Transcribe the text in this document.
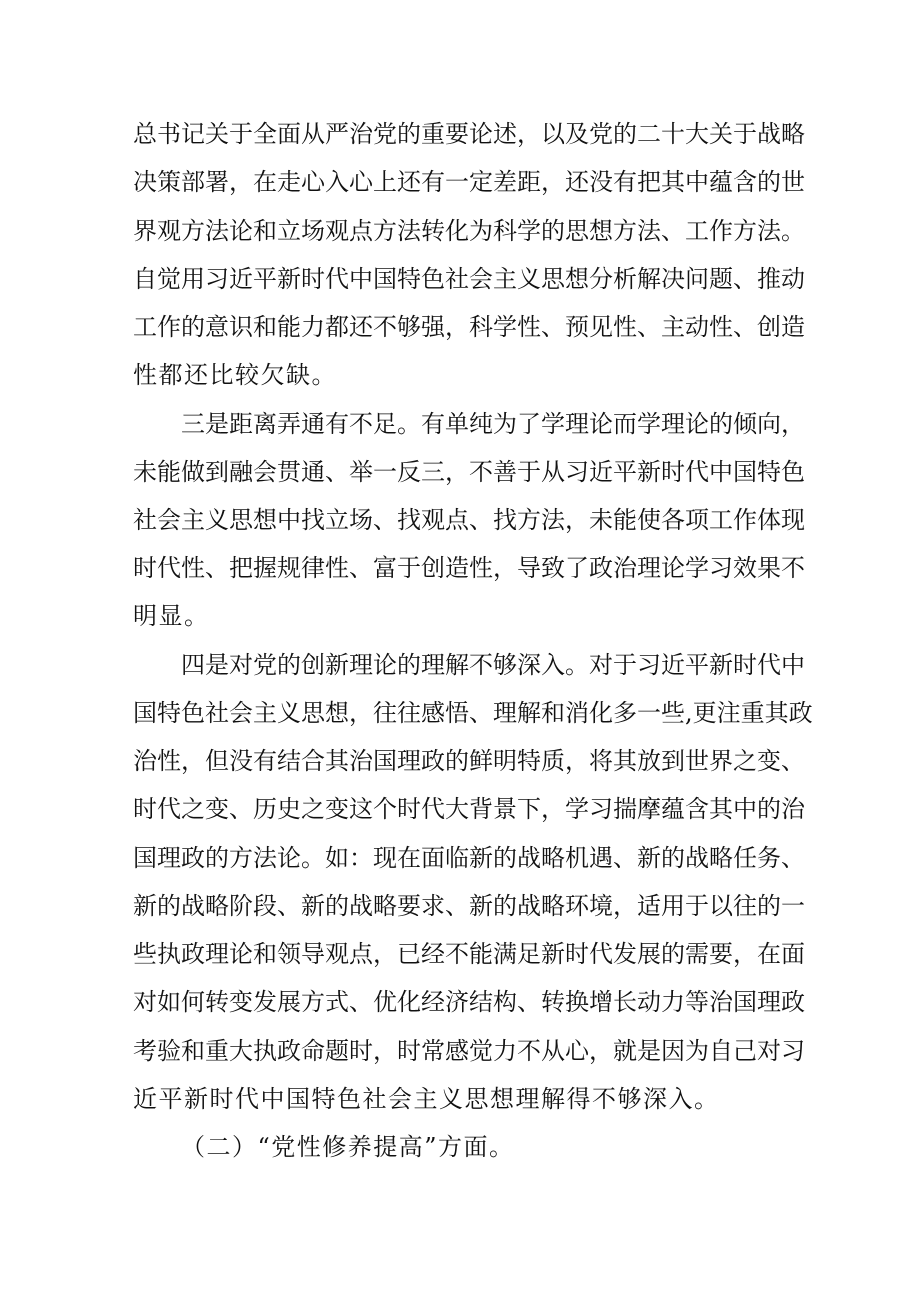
总书记关于全面从严治党的重要论述，以及党的二十大关于战略
决策部署，在走心入心上还有一定差距，还没有把其中蕴含的世
界观方法论和立场观点方法转化为科学的思想方法、工作方法。
自觉用习近平新时代中国特色社会主义思想分析解决问题、推动
工作的意识和能力都还不够强，科学性、预见性、主动性、创造
性都还比较欠缺。
三是距离弄通有不足。有单纯为了学理论而学理论的倾向，
未能做到融会贯通、举一反三，不善于从习近平新时代中国特色
社会主义思想中找立场、找观点、找方法，未能使各项工作体现
时代性、把握规律性、富于创造性，导致了政治理论学习效果不
明显。
四是对党的创新理论的理解不够深入。对于习近平新时代中
国特色社会主义思想，往往感悟、理解和消化多一些,更注重其政
治性，但没有结合其治国理政的鲜明特质，将其放到世界之变、
时代之变、历史之变这个时代大背景下，学习揣摩蕴含其中的治
国理政的方法论。如：现在面临新的战略机遇、新的战略任务、
新的战略阶段、新的战略要求、新的战略环境，适用于以往的一
些执政理论和领导观点，已经不能满足新时代发展的需要，在面
对如何转变发展方式、优化经济结构、转换增长动力等治国理政
考验和重大执政命题时，时常感觉力不从心，就是因为自己对习
近平新时代中国特色社会主义思想理解得不够深入。
（二）“党性修养提高”方面。
